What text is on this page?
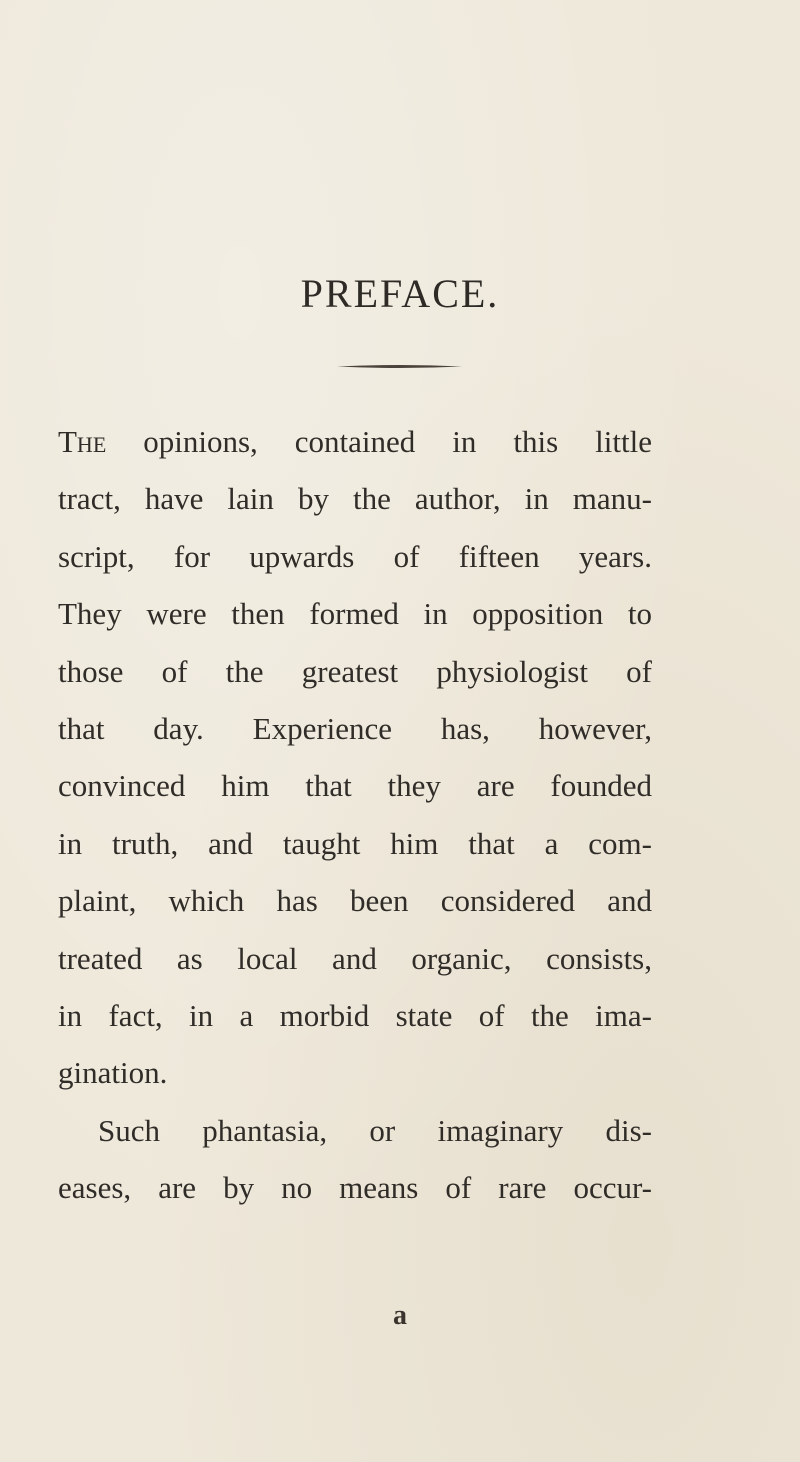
PREFACE.
The opinions, contained in this little
tract, have lain by the author, in manu-
script, for upwards of fifteen years.
They were then formed in opposition to
those of the greatest physiologist of
that day. Experience has, however,
convinced him that they are founded
in truth, and taught him that a com-
plaint, which has been considered and
treated as local and organic, consists,
in fact, in a morbid state of the ima-
gination.
Such phantasia, or imaginary dis-
eases, are by no means of rare occur-
a
